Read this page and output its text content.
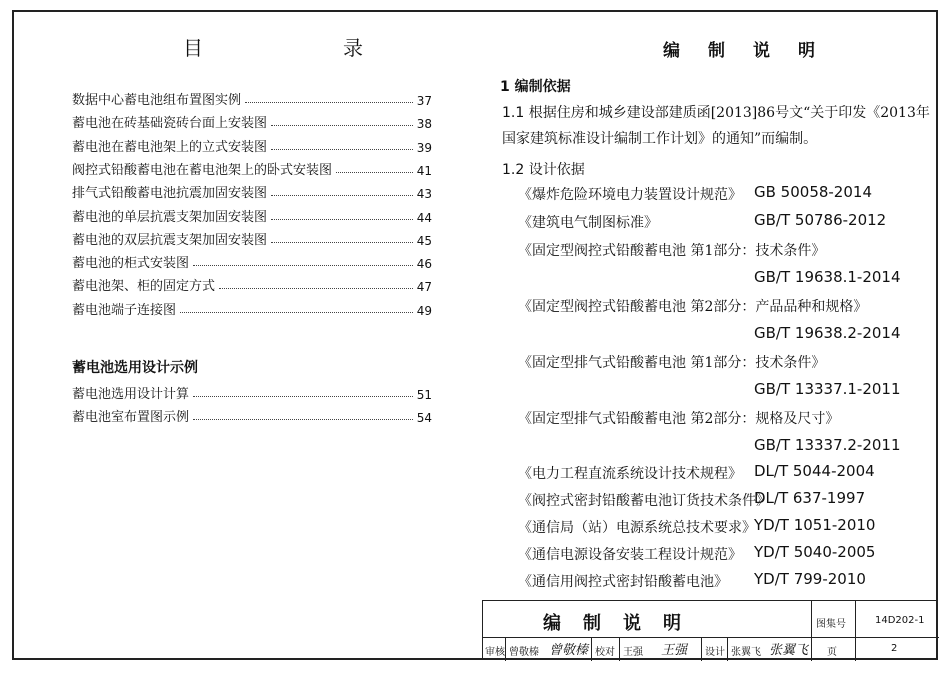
目	录
数据中心蓄电池组布置图实例	37
蓄电池在砖基础瓷砖台面上安装图	38
蓄电池在蓄电池架上的立式安装图	39
阀控式铅酸蓄电池在蓄电池架上的卧式安装图	41
排气式铅酸蓄电池抗震加固安装图	43
蓄电池的单层抗震支架加固安装图	44
蓄电池的双层抗震支架加固安装图	45
蓄电池的柜式安装图	46
蓄电池架、柜的固定方式	47
蓄电池端子连接图	49
蓄电池选用设计示例
蓄电池选用设计计算	51
蓄电池室布置图示例	54
编制说明
1 编制依据
1.1 根据住房和城乡建设部建质函[2013]86号文“关于印发《2013年
国家建筑标准设计编制工作计划》的通知”而编制。
1.2 设计依据
《爆炸危险环境电力装置设计规范》 GB 50058-2014
《建筑电气制图标准》	GB/T 50786-2012
《固定型阀控式铅酸蓄电池 第1部分：技术条件》
GB/T 19638.1-2014
《固定型阀控式铅酸蓄电池 第2部分：产品品种和规格》
GB/T 19638.2-2014
《固定型排气式铅酸蓄电池 第1部分：技术条件》
GB/T 13337.1-2011
《固定型排气式铅酸蓄电池 第2部分：规格及尺寸》
GB/T 13337.2-2011
《电力工程直流系统设计技术规程》 DL/T 5044-2004
《阀控式密封铅酸蓄电池订货技术条件》
DL/T 637-1997
《通信局（站）电源系统总技术要求》
YD/T 1051-2010
《通信电源设备安装工程设计规范》 YD/T 5040-2005
《通信用阀控式密封铅酸蓄电池》 YD/T 799-2010
编制说明	图集号	14D202-1
页	2
审核 曾敬榛 曾敬榛 校对 王强 王强 设计 张翼飞 张翼飞
